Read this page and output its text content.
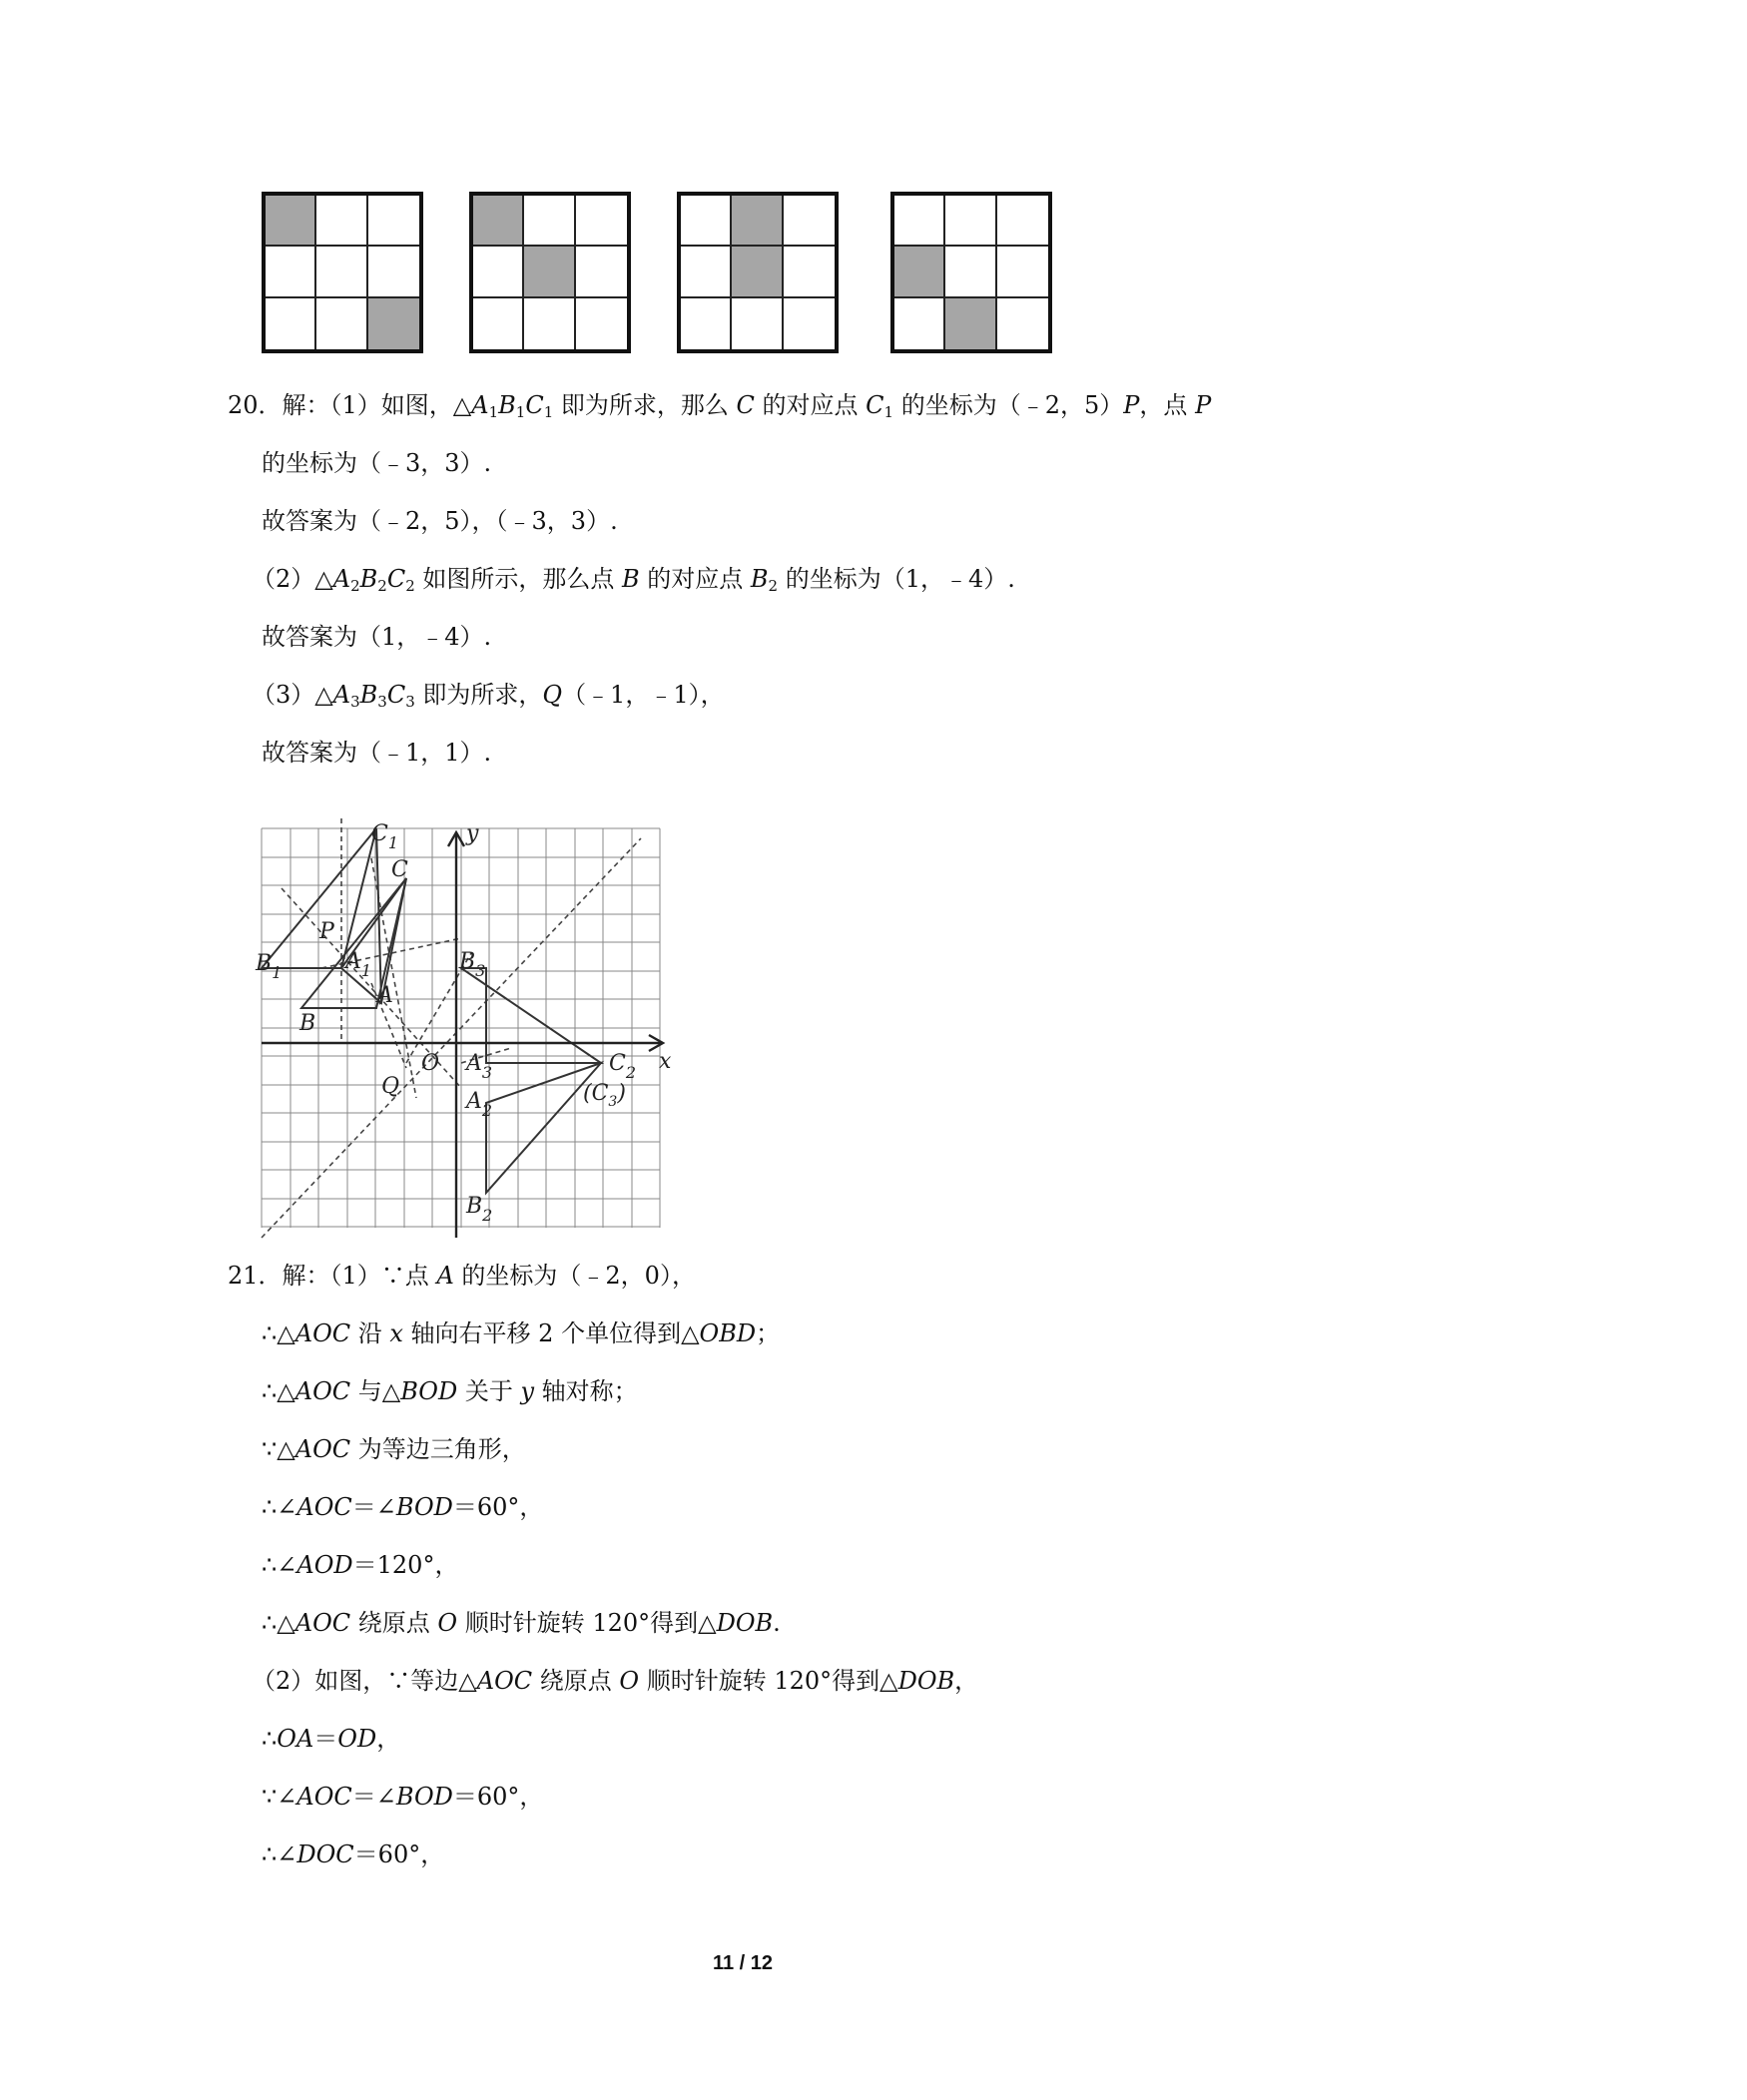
20．解：（1）如图，$\triangle A_1B_1C_1$ 即为所求，那么 C 的对应点 $C_1$ 的坐标为（﹣2，5）P，点 P
的坐标为（﹣3，3）.
故答案为（﹣2，5），（﹣3，3）.
$(2)\triangle A_2B_2C_2$ 如图所示，那么点 B 的对应点 $B_2$ 的坐标为（1，﹣4）.
故答案为（1，﹣4）.
$(3)\triangle A_3B_3C_3$ 即为所求，Q（﹣1，﹣1），
故答案为（﹣1，1）.
y
x
O
P
Q
C
$C_1$
B
A
$B_1$	$A_1$	$B_3$
$A_3$
$A_2$
$C_2$
$(C_3)$
$B_2$
21．解：（1）∵点 A 的坐标为（﹣2，0），
∴△AOC 沿 x 轴向右平移 2 个单位得到△OBD；
∴△AOC 与△BOD 关于 y 轴对称；
∵△AOC 为等边三角形，
∴∠AOC＝∠BOD＝60°，
∴∠AOD＝120°，
∴△AOC 绕原点 O 顺时针旋转 120°得到△DOB.
（2）如图，∵等边△AOC 绕原点 O 顺时针旋转 120°得到△DOB，
∴OA＝OD，
∵∠AOC＝∠BOD＝60°，
∴∠DOC＝60°，
11 / 12
